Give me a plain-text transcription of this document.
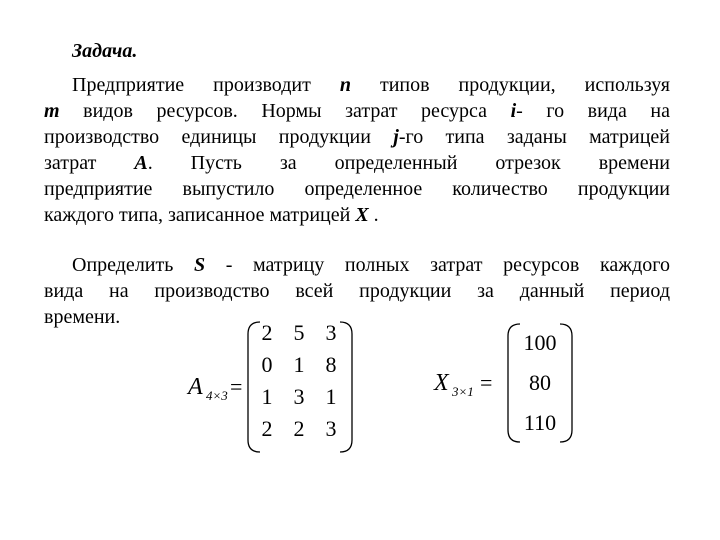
Задача.
Предприятие производит n типов продукции, используя
m видов ресурсов. Нормы затрат ресурса i- го вида на
производство единицы продукции j-го типа заданы матрицей
затрат A. Пусть за определенный отрезок времени
предприятие выпустило определенное количество продукции
каждого типа, записанное матрицей X .
Определить S - матрицу полных затрат ресурсов каждого
вида на производство всей продукции за данный период
времени.
A 4×3 =
2 5 3
0 1 8
1 3 1
2 2 3
X 3×1 =
100
80
110
